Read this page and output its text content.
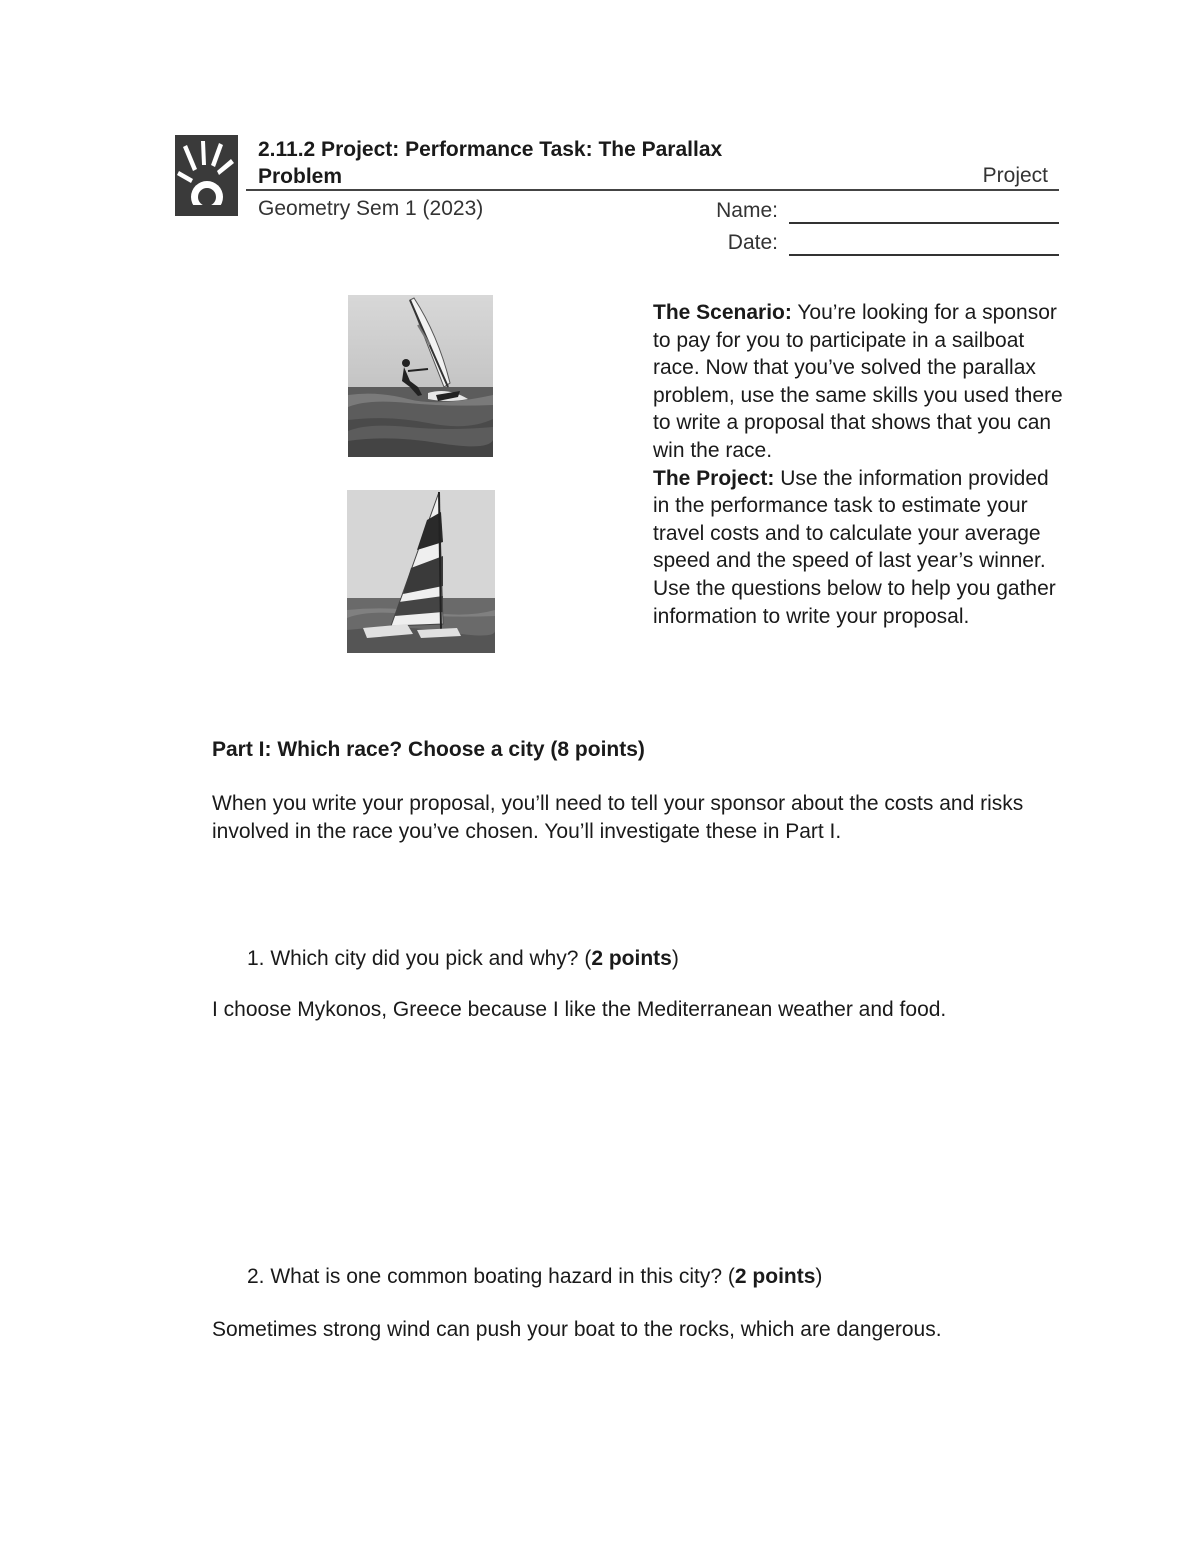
2.11.2 Project: Performance Task: The Parallax Problem	Project
Geometry Sem 1 (2023)	Name:
Date:
The Scenario: You’re looking for a sponsor to pay for you to participate in a sailboat race. Now that you’ve solved the parallax problem, use the same skills you used there to write a proposal that shows that you can win the race.
The Project: Use the information provided in the performance task to estimate your travel costs and to calculate your average speed and the speed of last year’s winner. Use the questions below to help you gather information to write your proposal.
Part I: Which race? Choose a city (8 points)
When you write your proposal, you’ll need to tell your sponsor about the costs and risks involved in the race you’ve chosen. You’ll investigate these in Part I.
1. Which city did you pick and why? (2 points)
I choose Mykonos, Greece because I like the Mediterranean weather and food.
2. What is one common boating hazard in this city? (2 points)
Sometimes strong wind can push your boat to the rocks, which are dangerous.
